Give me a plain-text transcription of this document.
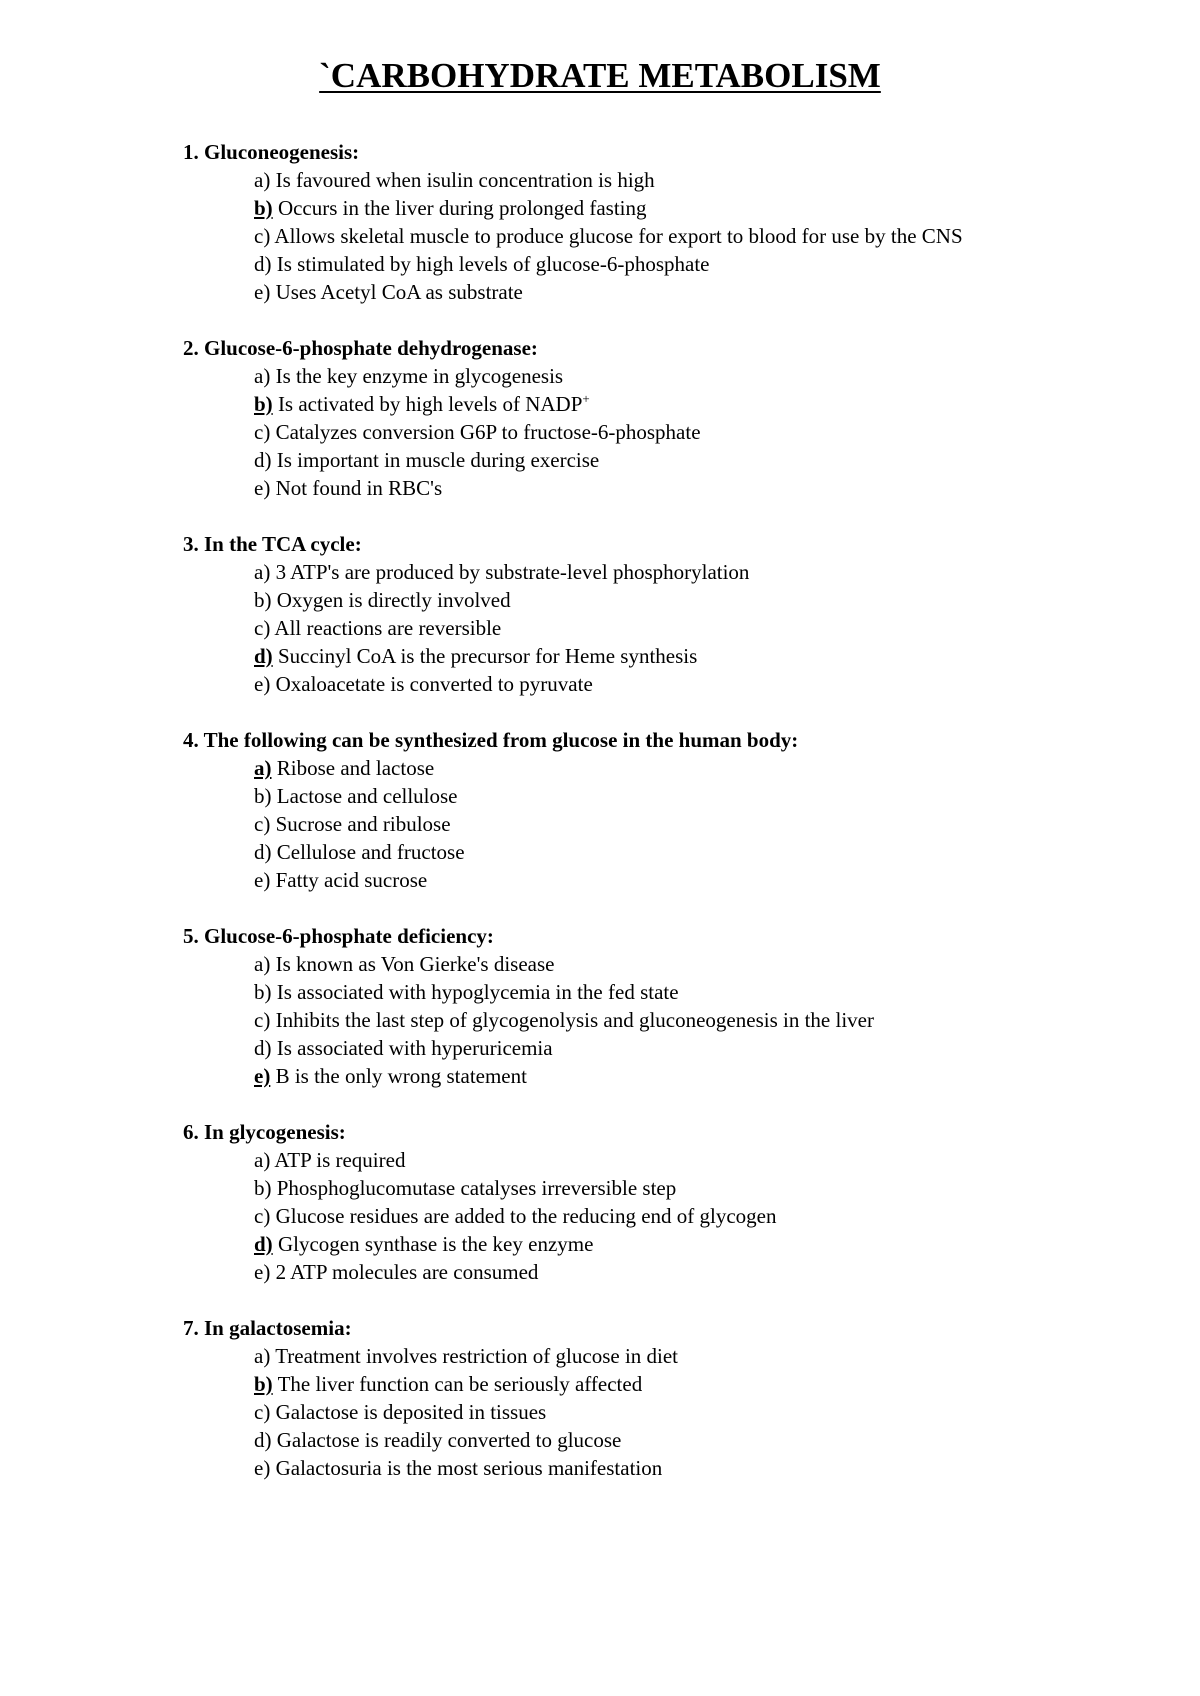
`CARBOHYDRATE METABOLISM

1. Gluconeogenesis:

a) Is favoured when isulin concentration is high
b) Occurs in the liver during prolonged fasting
c) Allows skeletal muscle to produce glucose for export to blood for use by the CNS
d) Is stimulated by high levels of glucose-6-phosphate
e) Uses Acetyl CoA as substrate

2. Glucose-6-phosphate dehydrogenase:

a) Is the key enzyme in glycogenesis
b) Is activated by high levels of NADP+
c) Catalyzes conversion G6P to fructose-6-phosphate
d) Is important in muscle during exercise
e) Not found in RBC's

3. In the TCA cycle:

a) 3 ATP's are produced by substrate-level phosphorylation
b) Oxygen is directly involved
c) All reactions are reversible
d) Succinyl CoA is the precursor for Heme synthesis
e) Oxaloacetate is converted to pyruvate

4. The following can be synthesized from glucose in the human body:

a) Ribose and lactose
b) Lactose and cellulose
c) Sucrose and ribulose
d) Cellulose and fructose
e) Fatty acid sucrose

5. Glucose-6-phosphate deficiency:

a) Is known as Von Gierke's disease
b) Is associated with hypoglycemia in the fed state
c) Inhibits the last step of glycogenolysis and gluconeogenesis in the liver
d) Is associated with hyperuricemia
e) B is the only wrong statement

6. In glycogenesis:

a) ATP is required
b) Phosphoglucomutase catalyses irreversible step
c) Glucose residues are added to the reducing end of glycogen
d) Glycogen synthase is the key enzyme
e) 2 ATP molecules are consumed

7. In galactosemia:

a) Treatment involves restriction of glucose in diet
b) The liver function can be seriously affected
c) Galactose is deposited in tissues
d) Galactose is readily converted to glucose
e) Galactosuria is the most serious manifestation
